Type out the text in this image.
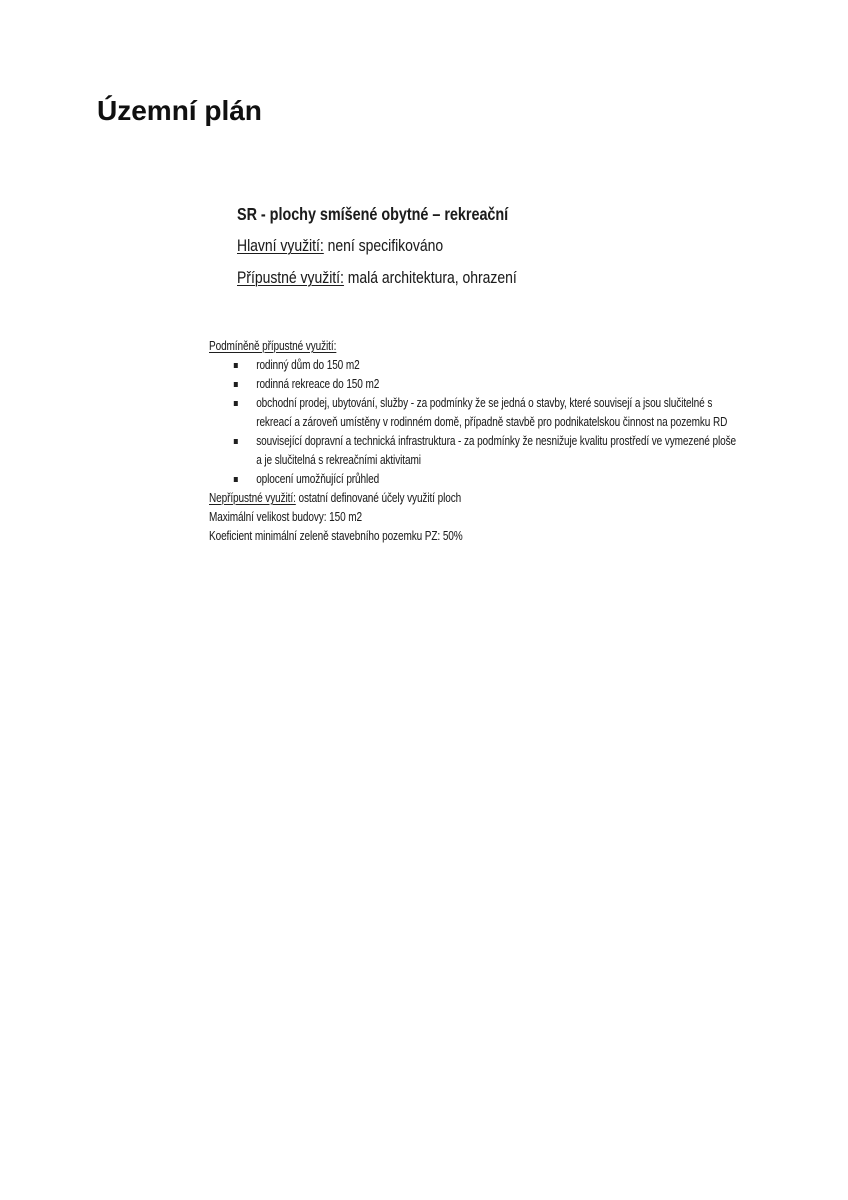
Územní plán
SR - plochy smíšené obytné – rekreační

Hlavní využití: není specifikováno

Přípustné využití: malá architektura, ohrazení

Podmíněně přípustné využití:

rodinný dům do 150 m2
rodinná rekreace do 150 m2
obchodní prodej, ubytování, služby - za podmínky že se jedná o stavby, které souvisejí a jsou slučitelné s rekreací a zároveň umístěny v rodinném domě, případně stavbě pro podnikatelskou činnost na pozemku RD
související dopravní a technická infrastruktura - za podmínky že nesnižuje kvalitu prostředí ve vymezené ploše a je slučitelná s rekreačními aktivitami
oplocení umožňující průhled

Nepřípustné využití: ostatní definované účely využití ploch

Maximální velikost budovy: 150 m2

Koeficient minimální zeleně stavebního pozemku PZ: 50%
